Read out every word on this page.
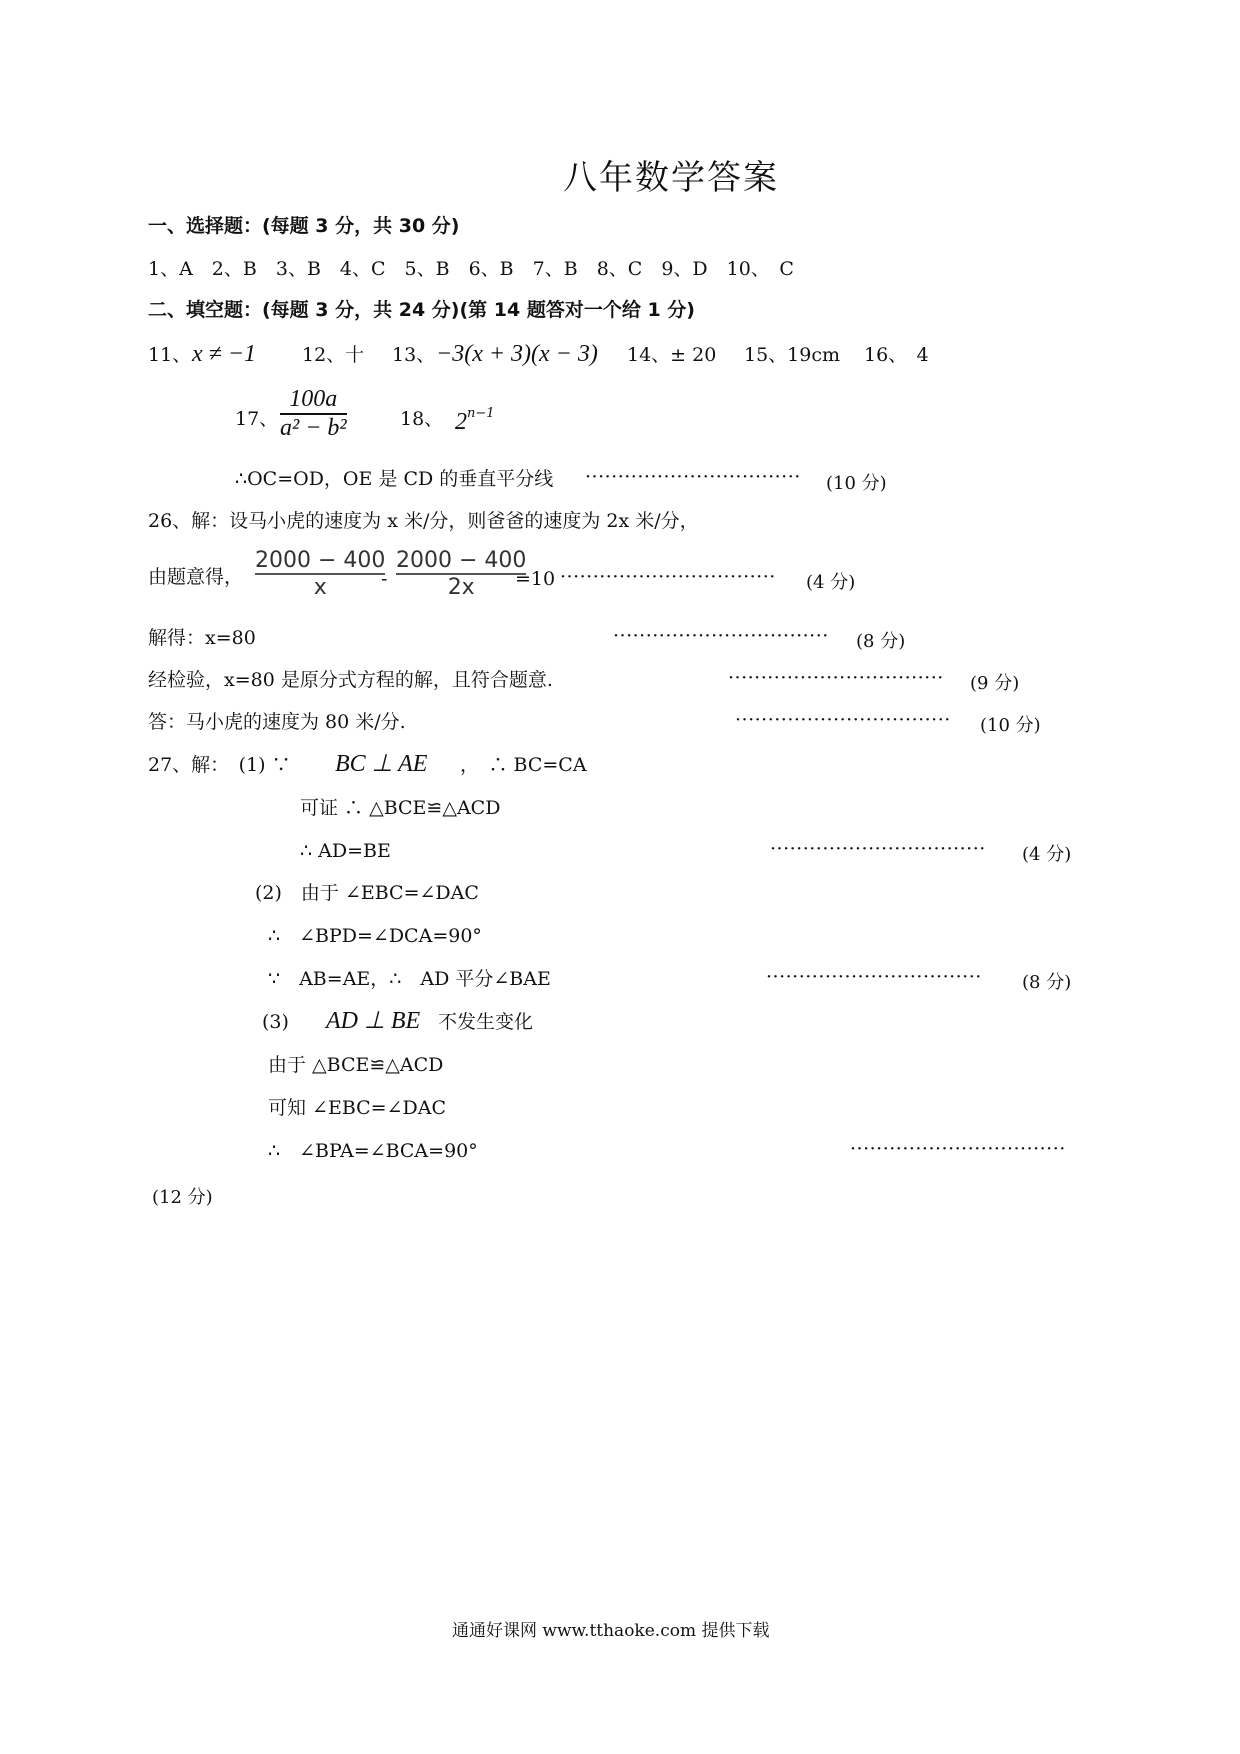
八年数学答案
一、选择题：(每题 3 分，共 30 分)
1、A　2、B　3、B　4、C　5、B　6、B　7、B　8、C　9、D　10、　C
二、填空题：(每题 3 分，共 24 分)(第 14 题答对一个给 1 分)
11、 x ≠ −1 12、十 13、 −3(x + 3)(x − 3) 14、± 20 15、19cm 16、　4
17、
100a
a² − b²	18、 $2^{n-1}$
∴OC=OD，OE 是 CD 的垂直平分线 ·································	(10 分)
26、解：设马小虎的速度为 x 米/分，则爸爸的速度为 2x 米/分，
由题意得，
2000 − 400
x	-
2000 − 400
2x =10 ·································	(4 分)
解得：x=80	·································	(8 分)
经检验，x=80 是原分式方程的解，且符合题意.	·································	(9 分)
答：马小虎的速度为 80 米/分.	·································	(10 分)
27、解：　(1) ∵ BC ⊥ AE ，　∴ BC=CA
可证 ∴ △BCE≌△ACD
∴ AD=BE	·································	(4 分)
(2)　由于 ∠EBC=∠DAC
∴　∠BPD=∠DCA=90°
∵　AB=AE，∴　AD 平分∠BAE	·································	(8 分)
(3) AD ⊥ BE 不发生变化
由于 △BCE≌△ACD
可知 ∠EBC=∠DAC
∴　∠BPA=∠BCA=90°	·································
(12 分)
通通好课网 www.tthaoke.com 提供下载
